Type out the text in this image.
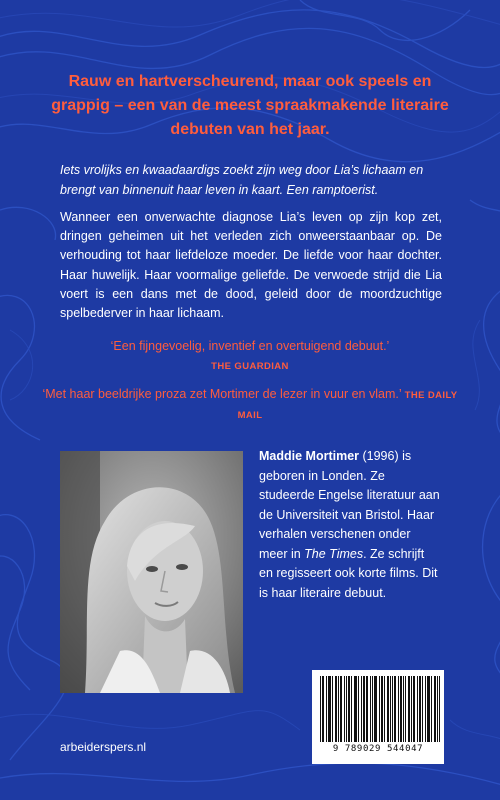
Rauw en hartverscheurend, maar ook speels en grappig – een van de meest spraakmakende literaire debuten van het jaar.
Iets vrolijks en kwaadaardigs zoekt zijn weg door Lia’s lichaam en brengt van binnenuit haar leven in kaart. Een ramptoerist.
Wanneer een onverwachte diagnose Lia’s leven op zijn kop zet, dringen geheimen uit het verleden zich onweerstaanbaar op. De verhouding tot haar liefdeloze moeder. De liefde voor haar dochter. Haar huwelijk. Haar voormalige geliefde. De verwoede strijd die Lia voert is een dans met de dood, geleid door de moordzuchtige spelbederver in haar lichaam.
‘Een fijngevoelig, inventief en overtuigend debuut.’
THE GUARDIAN
‘Met haar beeldrijke proza zet Mortimer de lezer in vuur en vlam.’ THE DAILY MAIL
Maddie Mortimer (1996) is geboren in Londen. Ze studeerde Engelse literatuur aan de Universiteit van Bristol. Haar verhalen verschenen onder meer in The Times. Ze schrijft en regisseert ook korte films. Dit is haar literaire debuut.
9 789029 544047
arbeiderspers.nl
